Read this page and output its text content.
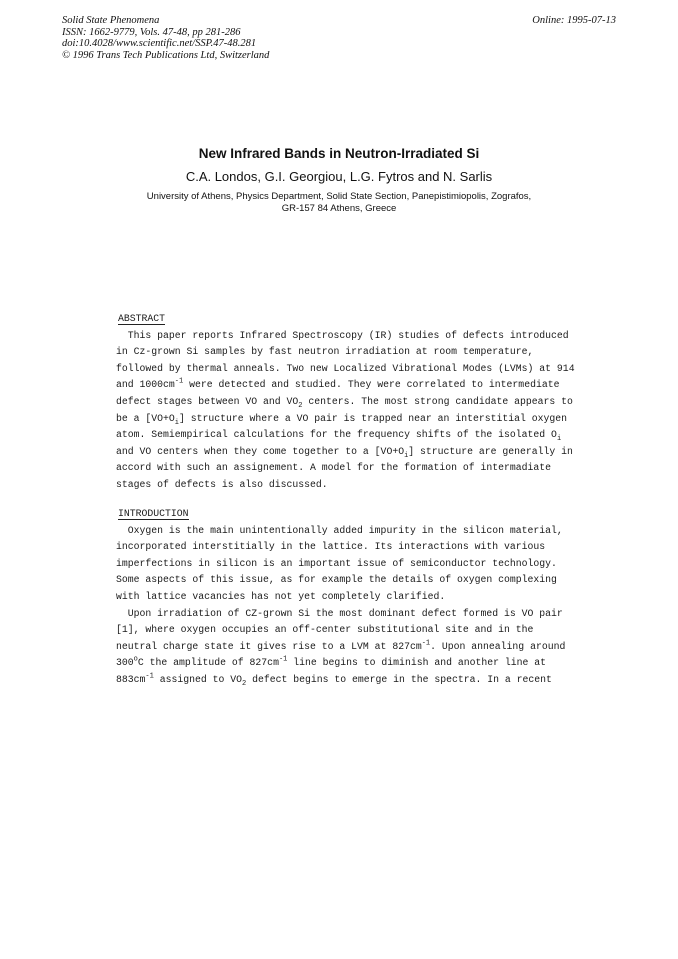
Solid State Phenomena
ISSN: 1662-9779, Vols. 47-48, pp 281-286
doi:10.4028/www.scientific.net/SSP.47-48.281
© 1996 Trans Tech Publications Ltd, Switzerland
Online: 1995-07-13
New Infrared Bands in Neutron-Irradiated Si
C.A. Londos, G.I. Georgiou, L.G. Fytros and N. Sarlis
University of Athens, Physics Department, Solid State Section, Panepistimiopolis, Zografos,
GR-157 84 Athens, Greece
ABSTRACT
This paper reports Infrared Spectroscopy (IR) studies of defects introduced
in Cz-grown Si samples by fast neutron irradiation at room temperature,
followed by thermal anneals. Two new Localized Vibrational Modes (LVMs) at 914
and $1000cm^{-1}$ were detected and studied. They were correlated to intermediate
defect stages between VO and $VO_2$ centers. The most strong candidate appears to
be a $[VO+O_i]$ structure where a VO pair is trapped near an interstitial oxygen
atom. Semiempirical calculations for the frequency shifts of the isolated $O_i$
and VO centers when they come together to a $[VO+O_i]$ structure are generally in
accord with such an assignement. A model for the formation of intermadiate
stages of defects is also discussed.
INTRODUCTION
Oxygen is the main unintentionally added impurity in the silicon material,
incorporated interstitially in the lattice. Its interactions with various
imperfections in silicon is an important issue of semiconductor technology.
Some aspects of this issue, as for example the details of oxygen complexing
with lattice vacancies has not yet completely clarified.
Upon irradiation of CZ-grown Si the most dominant defect formed is VO pair
[1], where oxygen occupies an off-center substitutional site and in the
neutral charge state it gives rise to a LVM at $827cm^{-1}$. Upon annealing around
300$^o$C the amplitude of $827cm^{-1}$ line begins to diminish and another line at
$883cm^{-1}$ assigned to $VO_2$ defect begins to emerge in the spectra. In a recent
